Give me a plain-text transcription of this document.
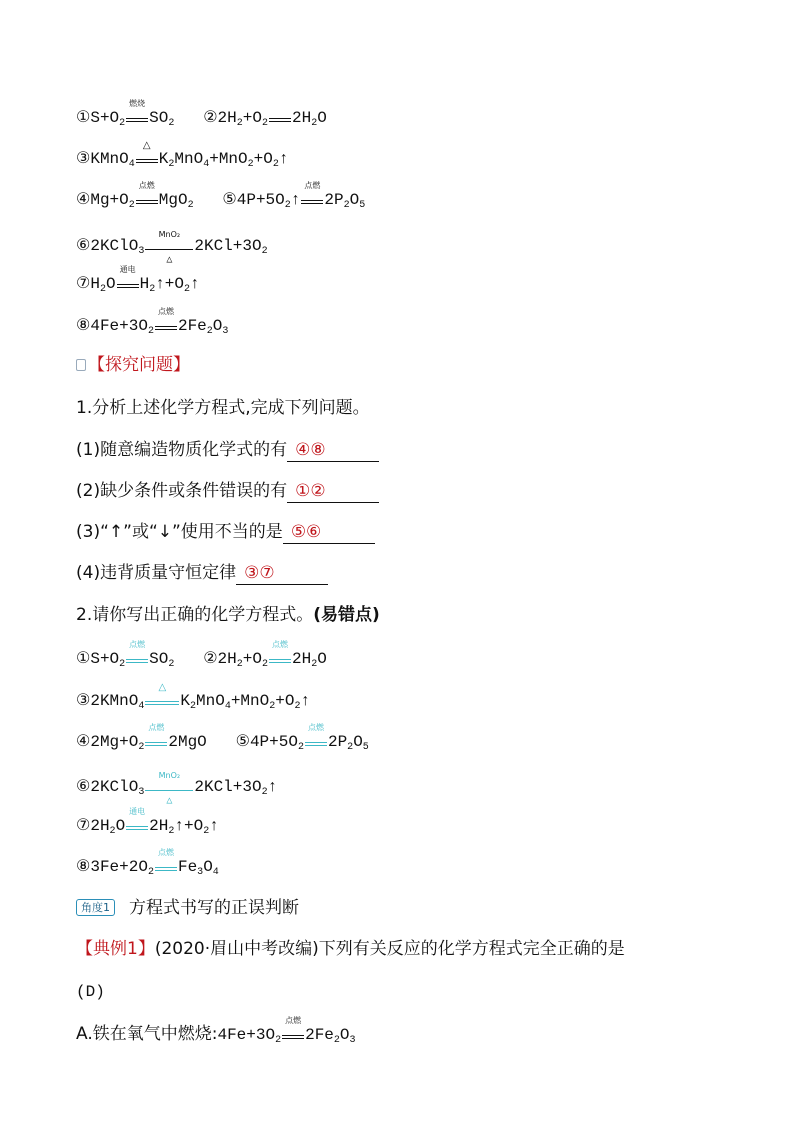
$①S+O_2$
燃烧
$SO_2$ $②2H_2+O_2$ $2H_2O$
③KMnO$_4$
△
$K_2MnO_4+MnO_2+O_2↑$
$④Mg+O_2$
点燃
MgO$_2$ $⑤4P+5O_2↑$
点燃
$2P_2O_5$
⑥2KClO$_3$
MnO₂
△
$2KCl+3O_2$
$⑦H_2O$
通电
$H_2↑+O_2↑$
$⑧4Fe+3O_2$
点燃
$2Fe_2O_3$
【探究问题】
1.分析上述化学方程式,完成下列问题。
(1)随意编造物质化学式的有 ④⑧
(2)缺少条件或条件错误的有 ①②
(3)“↑”或“↓”使用不当的是 ⑤⑥
(4)违背质量守恒定律 ③⑦
2.请你写出正确的化学方程式。(易错点)
$①S+O_2$
点燃
$SO_2$ $②2H_2+O_2$
点燃
$2H_2O$
③2KMnO$_4$
△
$K_2MnO_4+MnO_2+O_2↑$
$④2Mg+O_2$
点燃
2MgO   $⑤4P+5O_2$
点燃
$2P_2O_5$
⑥2KClO$_3$
MnO₂
△
$2KCl+3O_2↑$
$⑦2H_2O$
通电
$2H_2↑+O_2↑$
$⑧3Fe+2O_2$
点燃
$Fe_3O_4$
角度1 方程式书写的正误判断
【典例1】(2020·眉山中考改编)下列有关反应的化学方程式完全正确的是
(D)
A.铁在氧气中燃烧$:4Fe+3O_2$
点燃
$2Fe_2O_3$
